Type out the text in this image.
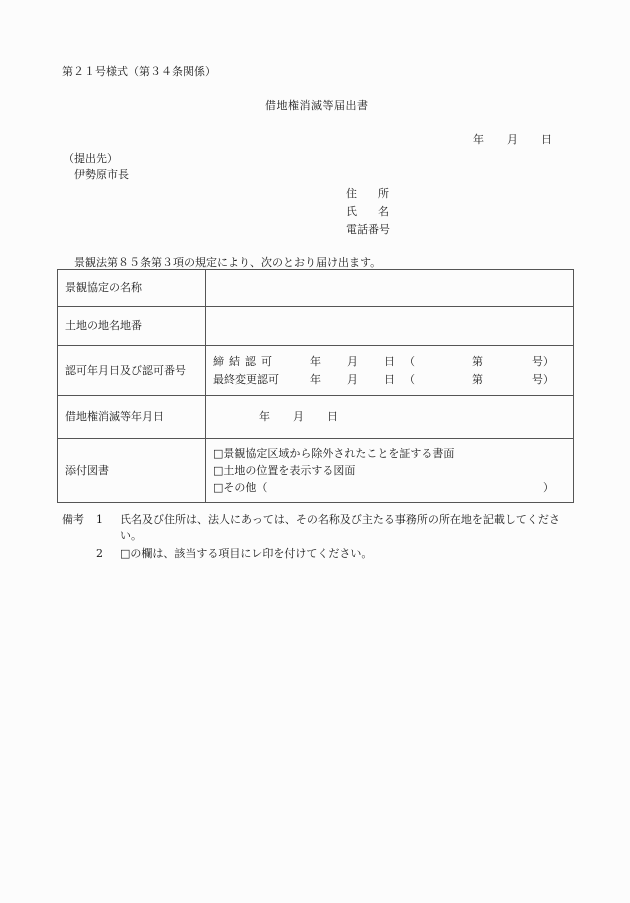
第２１号様式（第３４条関係）
借地権消滅等届出書
年 月 日
（提出先）
伊勢原市長
住 所
氏 名
電話番号
景観法第８５条第３項の規定により、次のとおり届け出ます。
景観協定の名称	
土地の地名地番	
認可年月日及び認可番号	
締結認可	年	月	日 （	第	号）
最終変更認可	年	月	日 （	第	号）

借地権消滅等年月日	年 月 日
添付図書	□景観協定区域から除外されたことを証する書面
□土地の位置を表示する図面
□その他（ ）
備考	1	氏名及び住所は、法人にあっては、その名称及び主たる事務所の所在地を記載してください。
2	□の欄は、該当する項目にレ印を付けてください。
